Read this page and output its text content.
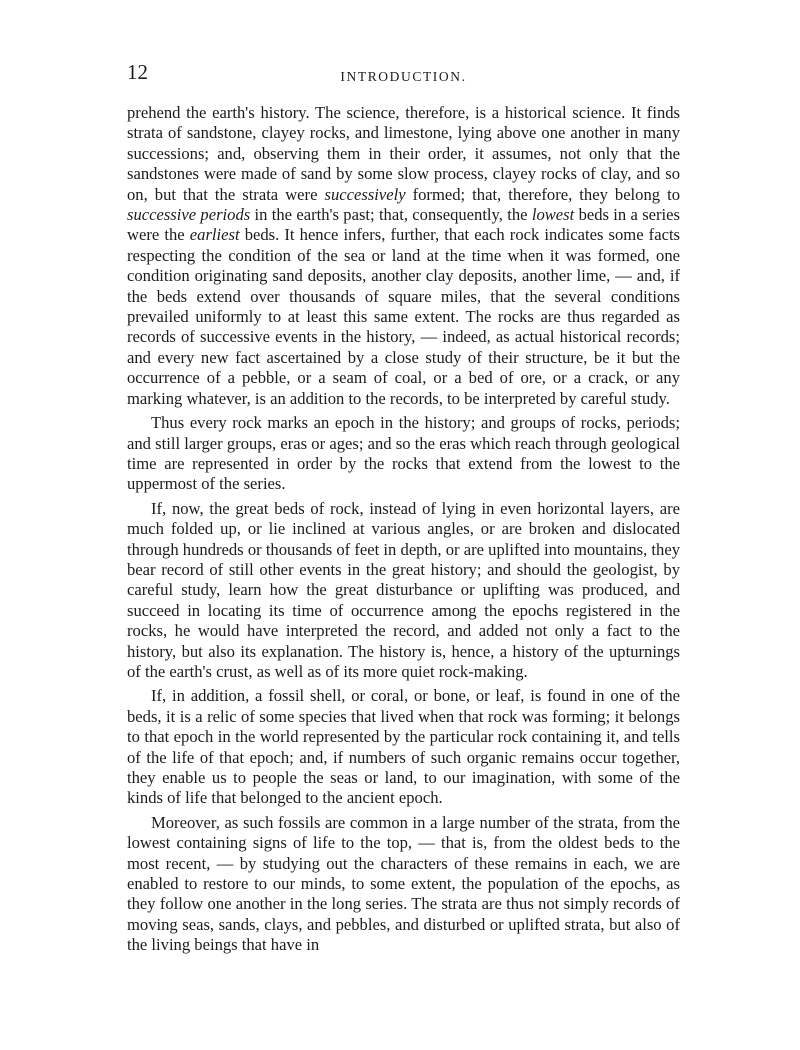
12	INTRODUCTION.

prehend the earth's history. The science, therefore, is a historical science. It finds strata of sandstone, clayey rocks, and limestone, lying above one another in many successions; and, observing them in their order, it assumes, not only that the sandstones were made of sand by some slow process, clayey rocks of clay, and so on, but that the strata were successively formed; that, therefore, they belong to successive periods in the earth's past; that, consequently, the lowest beds in a series were the earliest beds. It hence infers, further, that each rock indicates some facts respecting the condition of the sea or land at the time when it was formed, one condition originating sand deposits, another clay deposits, another lime, — and, if the beds extend over thousands of square miles, that the several conditions prevailed uniformly to at least this same extent. The rocks are thus regarded as records of successive events in the history, — indeed, as actual historical records; and every new fact ascertained by a close study of their structure, be it but the occurrence of a pebble, or a seam of coal, or a bed of ore, or a crack, or any marking whatever, is an addition to the records, to be interpreted by careful study.

Thus every rock marks an epoch in the history; and groups of rocks, periods; and still larger groups, eras or ages; and so the eras which reach through geological time are represented in order by the rocks that extend from the lowest to the uppermost of the series.

If, now, the great beds of rock, instead of lying in even horizontal layers, are much folded up, or lie inclined at various angles, or are broken and dislocated through hundreds or thousands of feet in depth, or are uplifted into mountains, they bear record of still other events in the great history; and should the geologist, by careful study, learn how the great disturbance or uplifting was produced, and succeed in locating its time of occurrence among the epochs registered in the rocks, he would have interpreted the record, and added not only a fact to the history, but also its explanation. The history is, hence, a history of the upturnings of the earth's crust, as well as of its more quiet rock-making.

If, in addition, a fossil shell, or coral, or bone, or leaf, is found in one of the beds, it is a relic of some species that lived when that rock was forming; it belongs to that epoch in the world represented by the particular rock containing it, and tells of the life of that epoch; and, if numbers of such organic remains occur together, they enable us to people the seas or land, to our imagination, with some of the kinds of life that belonged to the ancient epoch.

Moreover, as such fossils are common in a large number of the strata, from the lowest containing signs of life to the top, — that is, from the oldest beds to the most recent, — by studying out the characters of these remains in each, we are enabled to restore to our minds, to some extent, the population of the epochs, as they follow one another in the long series. The strata are thus not simply records of moving seas, sands, clays, and pebbles, and disturbed or uplifted strata, but also of the living beings that have in
